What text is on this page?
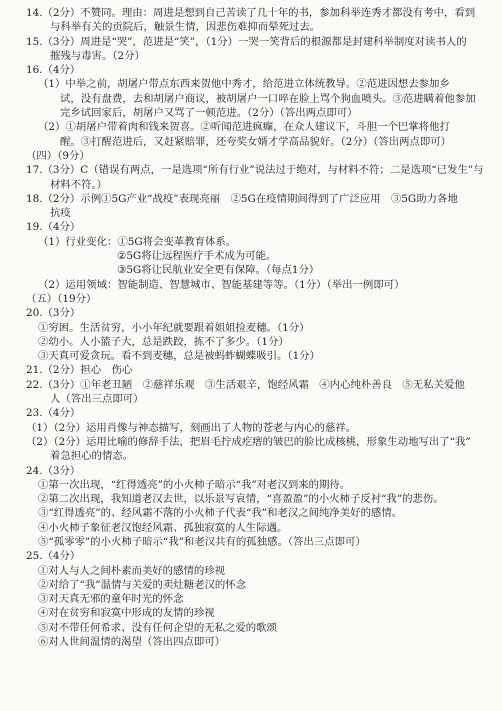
14.（2分）不赞同。理由：周进是想到自己苦读了几十年的书，参加科举连秀才都没有考中，看到
与科举有关的贡院后，触景生情，因悲伤难抑而晕死过去。
15.（3分）周进是“哭”，范进是“笑”，（1分）一哭一笑背后的根源都是封建科举制度对读书人的
摧残与毒害。（2分）
16.（4分）
（1）中举之前，胡屠户带点东西来贺他中秀才，给范进立体统教导。②范进因想去参加乡
试，没有盘费，去和胡屠户商议，被胡屠户一口啐在脸上骂个狗血喷头。③范进瞒着他参加
完乡试回家后，胡屠户又骂了一顿范进。（2分）（答出两点即可）
（2）①胡屠户带着肉和钱来贺喜。②听闻范进疯癫，在众人建议下，斗胆一个巴掌将他打
醒。③打醒范进后，又赶紧赔罪，还夸奖女婿才学高品貌好。（2分）（答出两点即可）
（四）（9分）
17.（3分）C（错误有两点，一是选项“所有行业”说法过于绝对，与材料不符；二是选项“已发生”与
材料不符。）
18.（2分）示例①5G产业“战疫”表现亮丽　②5G在疫情期间得到了广泛应用　③5G助力各地
抗疫
19.（4分）
（1）行业变化：①5G将会变革教育体系。
②5G将让远程医疗手术成为可能。
③5G将让民航业安全更有保障。（每点1分）
（2）运用领域：智能制造、智慧城市、智能基建等等。（1分）（举出一例即可）
（五）（19分）
20.（3分）
①穷困。生活贫穷，小小年纪就要跟着姐姐捡麦穗。（1分）
②幼小。人小篮子大，总是跌跤，拣不了多少。（1分）
③天真可爱贪玩。看不到麦穗，总是被蚂蚱蝴蝶吸引。（1分）
21.（2分）担心　伤心
22.（3分）①年老丑陋　②慈祥乐观　③生活艰辛，饱经风霜　④内心纯朴善良　⑤无私关爱他
人（答出三点即可）
23.（4分）
（1）（2分）运用肖像与神态描写，刻画出了人物的苍老与内心的慈祥。
（2）（2分）运用比喻的修辞手法，把眉毛拧成疙瘩的皱巴的脸比成核桃，形象生动地写出了“我”
着急担心的情态。
24.（3分）
①第一次出现，“红得透亮”的小火柿子暗示“我”对老汉到来的期待。
②第二次出现，我知道老汉去世，以乐景写哀情，“喜盈盈”的小火柿子反衬“我”的悲伤。
③“红得透亮”的、经风霜不落的小火柿子代表“我”和老汉之间纯净美好的感情。
④小火柿子象征老汉饱经风霜、孤独寂寞的人生际遇。
⑤“孤零零”的小火柿子暗示“我”和老汉共有的孤独感。（答出三点即可）
25.（4分）
①对人与人之间朴素而美好的感情的珍视
②对给了“我”温情与关爱的卖灶糖老汉的怀念
③对天真无邪的童年时光的怀念
④对在贫穷和寂寞中形成的友情的珍视
⑤对不带任何希求、没有任何企望的无私之爱的歌颂
⑥对人世间温情的渴望（答出四点即可）
